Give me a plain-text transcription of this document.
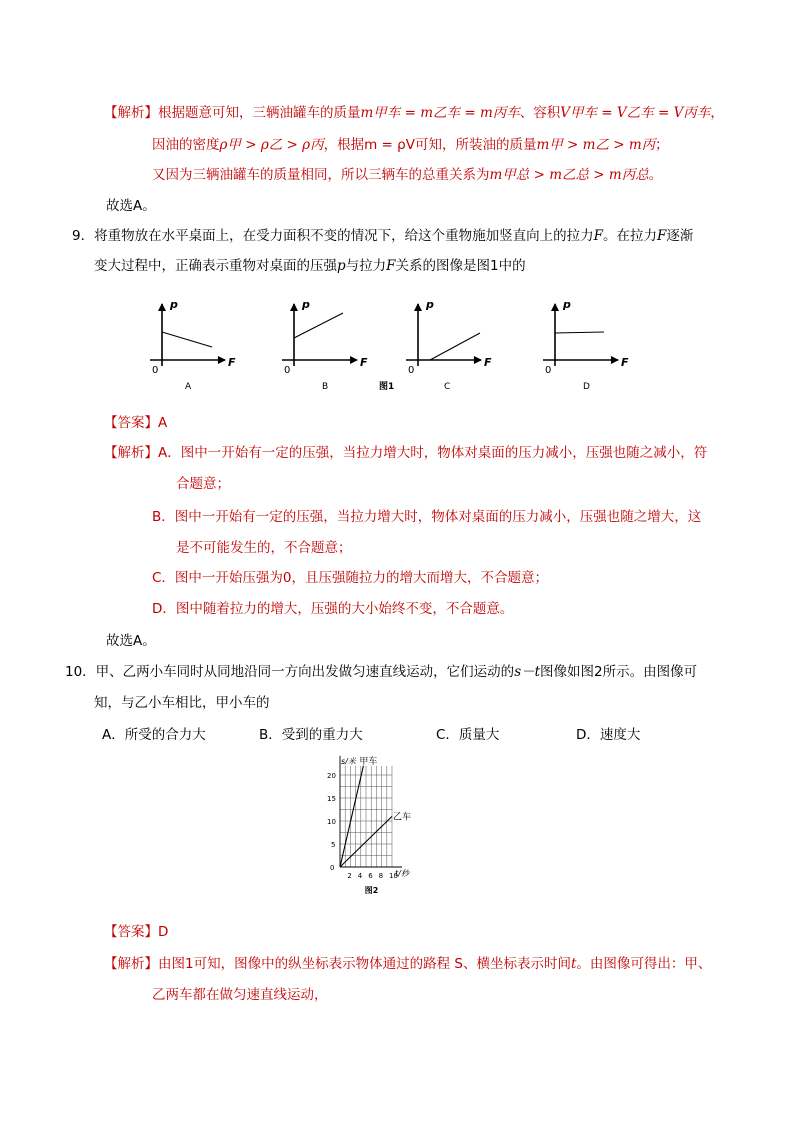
【解析】根据题意可知，三辆油罐车的质量m甲车 = m乙车 = m丙车、容积V甲车 = V乙车 = V丙车，
因油的密度ρ甲 > ρ乙 > ρ丙，根据m = ρV可知，所装油的质量m甲 > m乙 > m丙；
又因为三辆油罐车的质量相同，所以三辆车的总重关系为m甲总 > m乙总 > m丙总。
故选A。
9．将重物放在水平桌面上，在受力面积不变的情况下，给这个重物施加竖直向上的拉力F。在拉力F逐渐
变大过程中，正确表示重物对桌面的压强p与拉力F关系的图像是图1中的
p
F
0
A
p
F
0
B	图1
p
F
0
C
p
F
0
D
【答案】A
【解析】A．图中一开始有一定的压强，当拉力增大时，物体对桌面的压力减小，压强也随之减小，符
合题意；
B．图中一开始有一定的压强，当拉力增大时，物体对桌面的压力减小，压强也随之增大，这
是不可能发生的，不合题意；
C．图中一开始压强为0，且压强随拉力的增大而增大，不合题意；
D．图中随着拉力的增大，压强的大小始终不变，不合题意。
故选A。
10．甲、乙两小车同时从同地沿同一方向出发做匀速直线运动，它们运动的s－t图像如图2所示。由图像可
知，与乙小车相比，甲小车的
A．所受的合力大	B．受到的重力大	C．质量大	D．速度大
2 4 6 8 10
0
5
10
15
20
s/米
t/秒
甲车
乙车
图2
【答案】D
【解析】由图1可知，图像中的纵坐标表示物体通过的路程 S、横坐标表示时间t。由图像可得出：甲、
乙两车都在做匀速直线运动，
